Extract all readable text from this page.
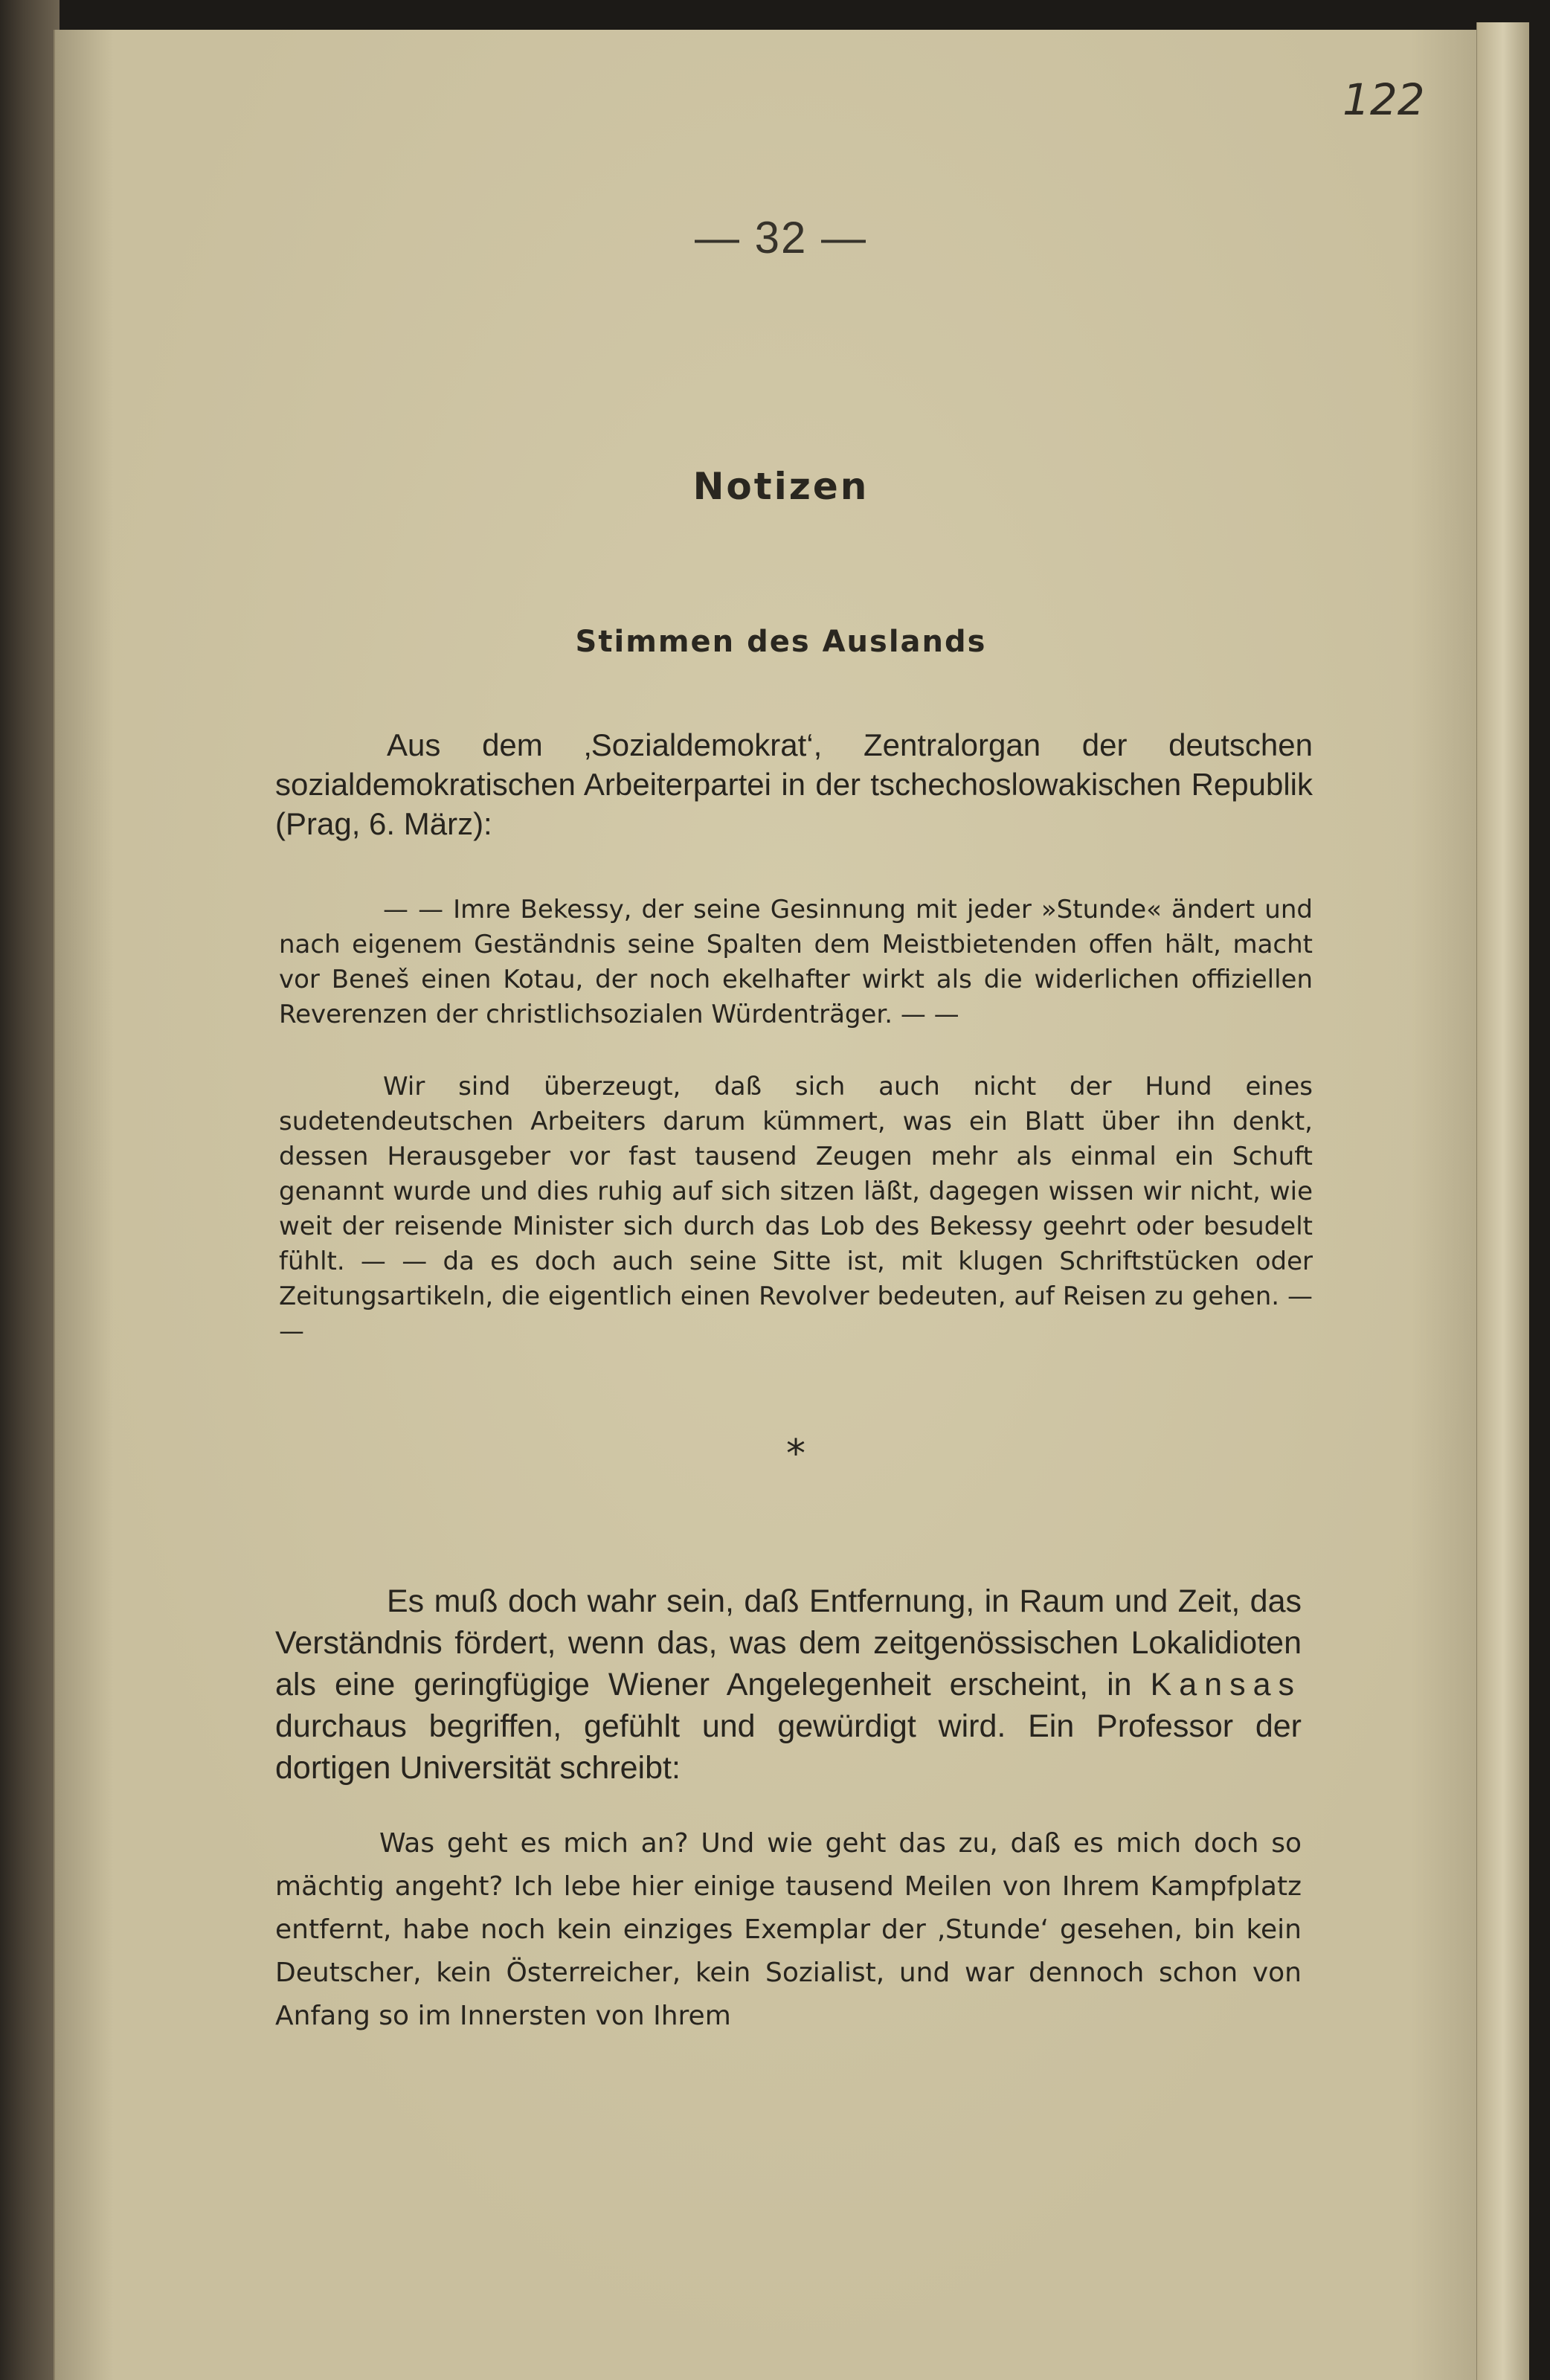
122
— 32 —
Notizen
Stimmen des Auslands

Aus dem ‚Sozialdemokrat‘, Zentralorgan der deutschen sozialdemokratischen Arbeiterpartei in der tschechoslowakischen Republik (Prag, 6. März):

— — Imre Bekessy, der seine Gesinnung mit jeder »Stunde« ändert und nach eigenem Geständnis seine Spalten dem Meistbietenden offen hält, macht vor Beneš einen Kotau, der noch ekelhafter wirkt als die widerlichen offiziellen Reverenzen der christlichsozialen Würdenträger. — —

Wir sind überzeugt, daß sich auch nicht der Hund eines sudetendeutschen Arbeiters darum kümmert, was ein Blatt über ihn denkt, dessen Herausgeber vor fast tausend Zeugen mehr als einmal ein Schuft genannt wurde und dies ruhig auf sich sitzen läßt, dagegen wissen wir nicht, wie weit der reisende Minister sich durch das Lob des Bekessy geehrt oder besudelt fühlt. — — da es doch auch seine Sitte ist, mit klugen Schriftstücken oder Zeitungsartikeln, die eigentlich einen Revolver bedeuten, auf Reisen zu gehen. — —

*

Es muß doch wahr sein, daß Entfernung, in Raum und Zeit, das Verständnis fördert, wenn das, was dem zeitgenössischen Lokalidioten als eine geringfügige Wiener Angelegenheit erscheint, in Kansas durchaus begriffen, gefühlt und gewürdigt wird. Ein Professor der dortigen Universität schreibt:

Was geht es mich an? Und wie geht das zu, daß es mich doch so mächtig angeht? Ich lebe hier einige tausend Meilen von Ihrem Kampfplatz entfernt, habe noch kein einziges Exemplar der ‚Stunde‘ gesehen, bin kein Deutscher, kein Österreicher, kein Sozialist, und war dennoch schon von Anfang so im Innersten von Ihrem
